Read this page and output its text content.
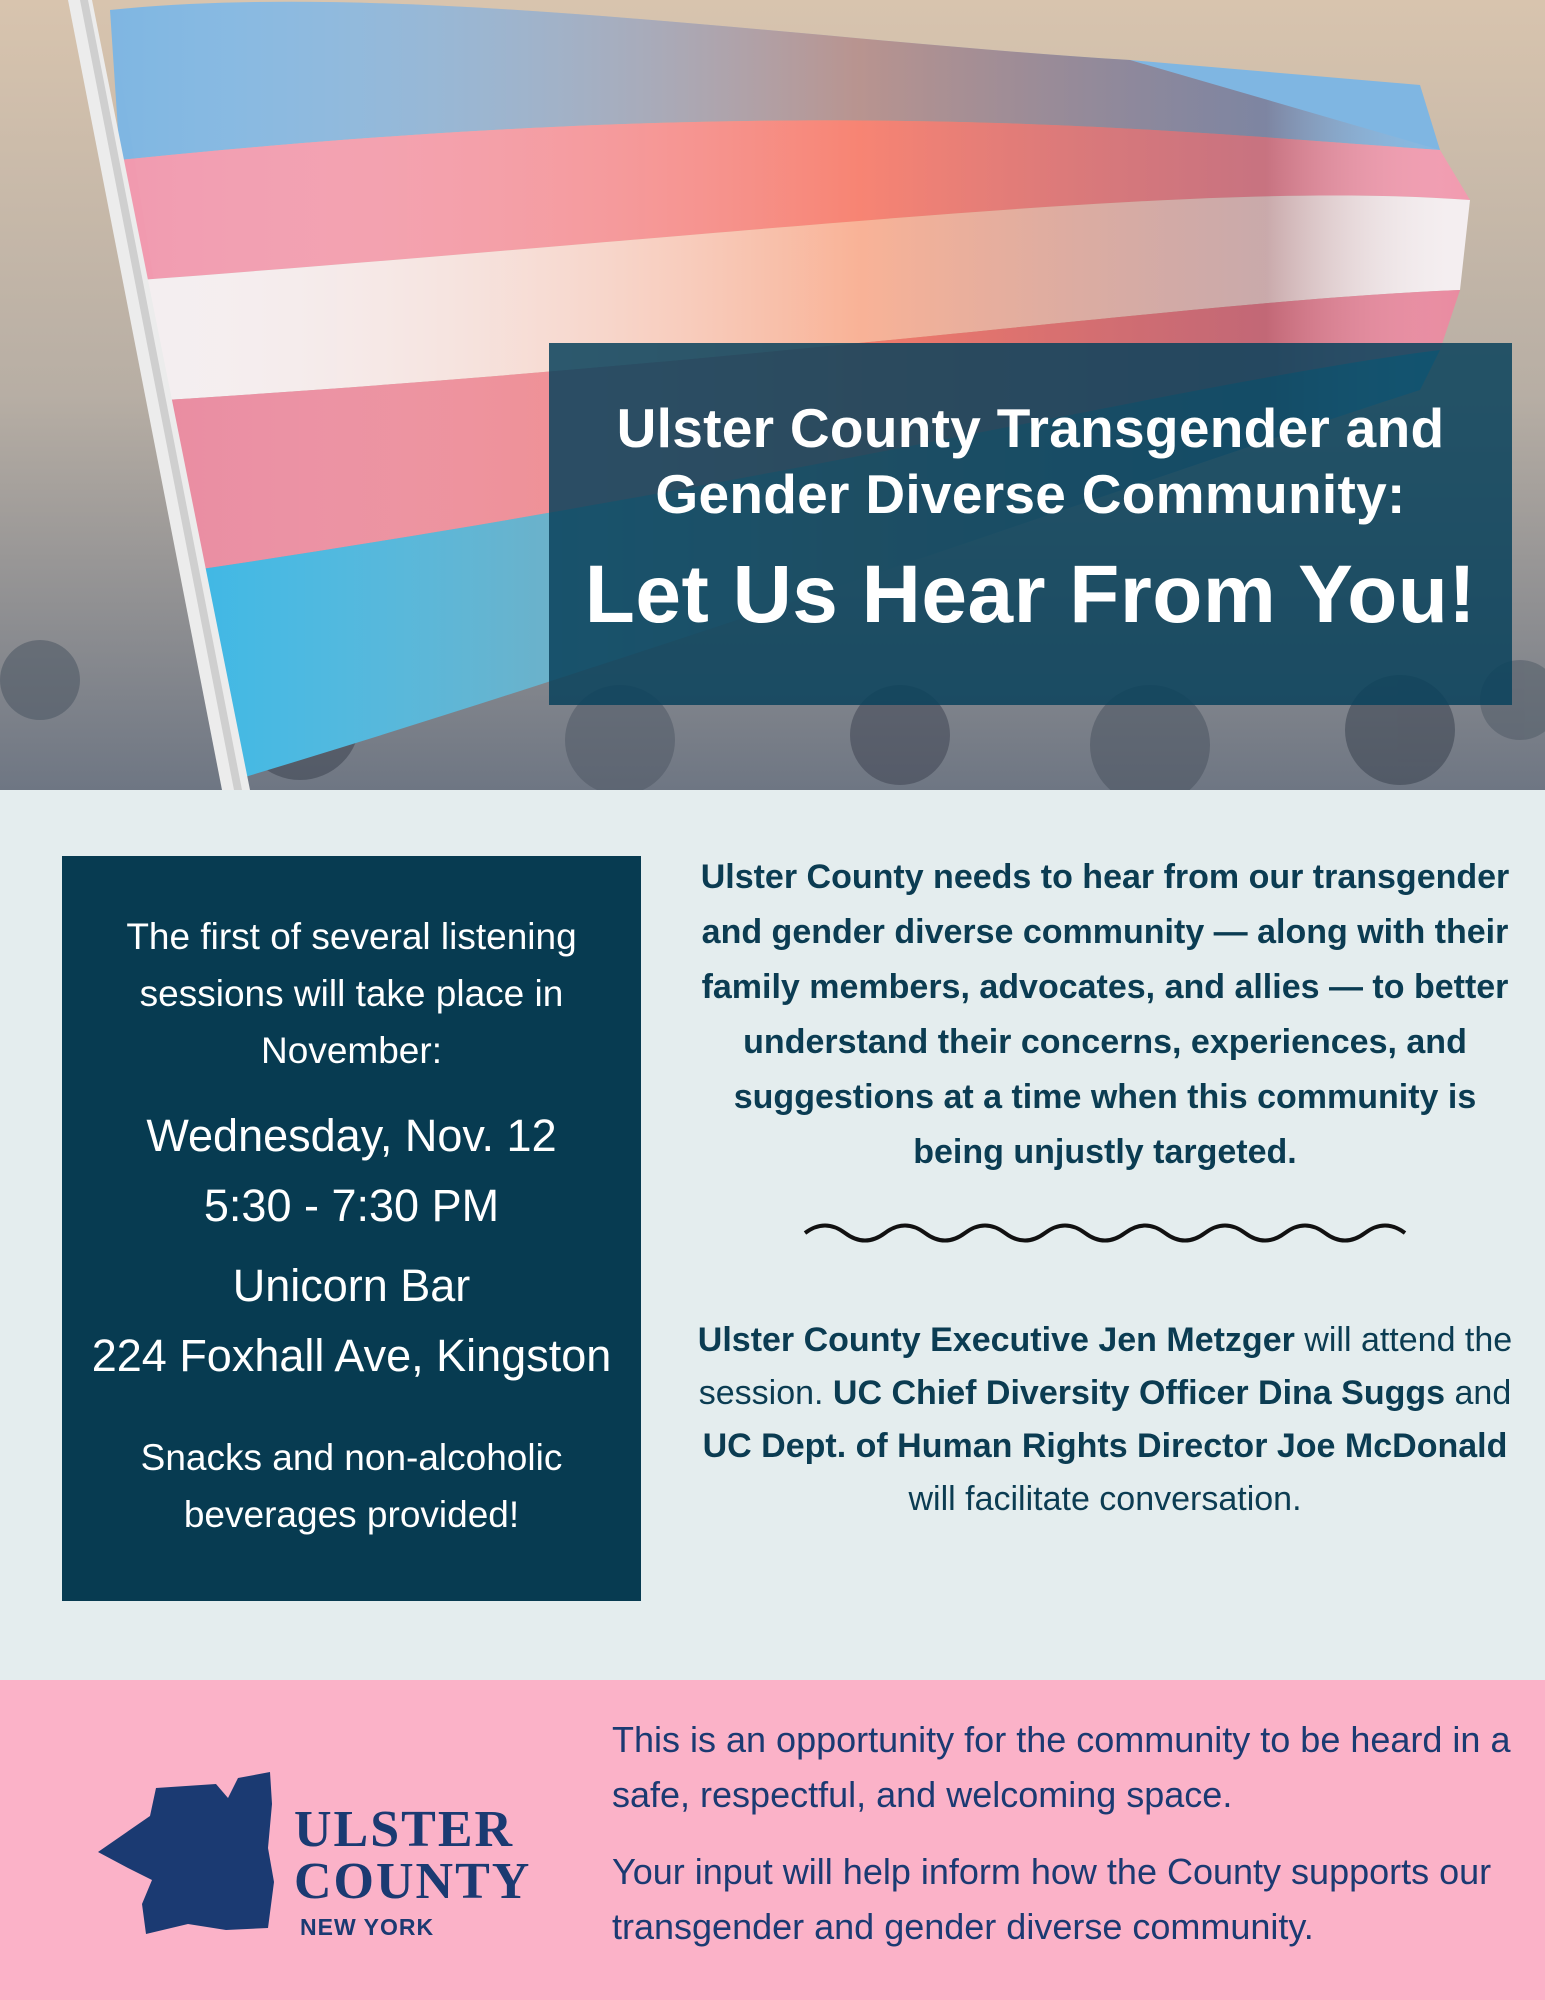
Ulster County Transgender and
Gender Diverse Community:
Let Us Hear From You!

The first of several listening sessions will take place in November:

Wednesday, Nov. 12
5:30 - 7:30 PM
Unicorn Bar
224 Foxhall Ave, Kingston
Snacks and non-alcoholic beverages provided!

Ulster County needs to hear from our transgender and gender diverse community — along with their family members, advocates, and allies — to better understand their concerns, experiences, and suggestions at a time when this community is being unjustly targeted.

Ulster County Executive Jen Metzger will attend the session. UC Chief Diversity Officer Dina Suggs and UC Dept. of Human Rights Director Joe McDonald will facilitate conversation.
ULSTER
COUNTY
NEW YORK

This is an opportunity for the community to be heard in a safe, respectful, and welcoming space.

Your input will help inform how the County supports our transgender and gender diverse community.
